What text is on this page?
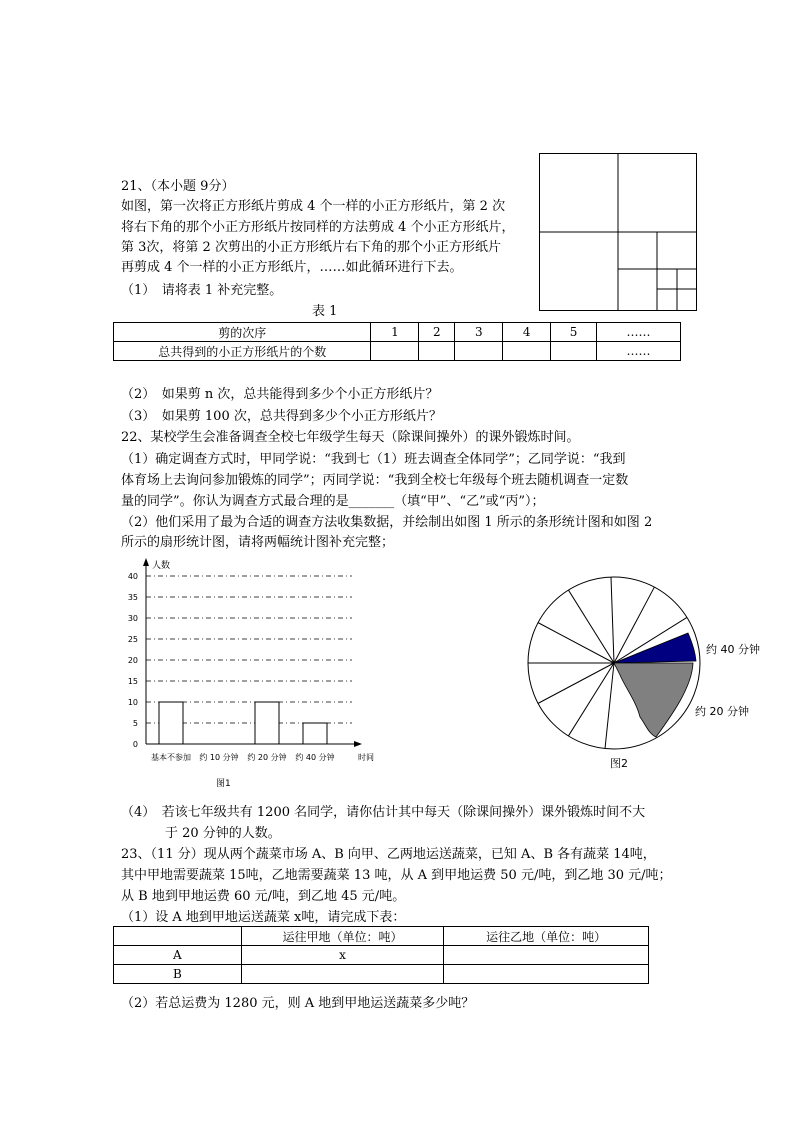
21、（本小题 9分）
如图，第一次将正方形纸片剪成 4 个一样的小正方形纸片，第 2 次
将右下角的那个小正方形纸片按同样的方法剪成 4 个小正方形纸片，
第 3次，将第 2 次剪出的小正方形纸片右下角的那个小正方形纸片
再剪成 4 个一样的小正方形纸片，……如此循环进行下去。
（1）　请将表 1 补充完整。
表 1
剪的次序	1	2	3	4	5	……
总共得到的小正方形纸片的个数						……
（2）　如果剪 n 次，总共能得到多少个小正方形纸片？
（3）　如果剪 100 次，总共得到多少个小正方形纸片？
22、某校学生会准备调查全校七年级学生每天（除课间操外）的课外锻炼时间。
（1）确定调查方式时，甲同学说：“我到七（1）班去调查全体同学”；乙同学说：“我到
体育场上去询问参加锻炼的同学”；丙同学说：“我到全校七年级每个班去随机调查一定数
量的同学”。你认为调查方式最合理的是_______（填“甲”、“乙”或“丙”）；
（2）他们采用了最为合适的调查方法收集数据，并绘制出如图 1 所示的条形统计图和如图 2
所示的扇形统计图，请将两幅统计图补充完整；
0
5
10
15
20
25
30
35
40
人数
时间
基本不参加 约 10 分钟 约 20 分钟 约 40 分钟
图1
约 40 分钟
约 20 分钟
图2
（4）　若该七年级共有 1200 名同学，请你估计其中每天（除课间操外）课外锻炼时间不大
于 20 分钟的人数。
23、（11 分）现从两个蔬菜市场 A、B 向甲、乙两地运送蔬菜，已知 A、B 各有蔬菜 14吨，
其中甲地需要蔬菜 15吨，乙地需要蔬菜 13 吨，从 A 到甲地运费 50 元/吨，到乙地 30 元/吨；
从 B 地到甲地运费 60 元/吨，到乙地 45 元/吨。
（1）设 A 地到甲地运送蔬菜 x吨，请完成下表：
	运往甲地（单位：吨）	运往乙地（单位：吨）
A	x	
B		
（2）若总运费为 1280 元，则 A 地到甲地运送蔬菜多少吨？
